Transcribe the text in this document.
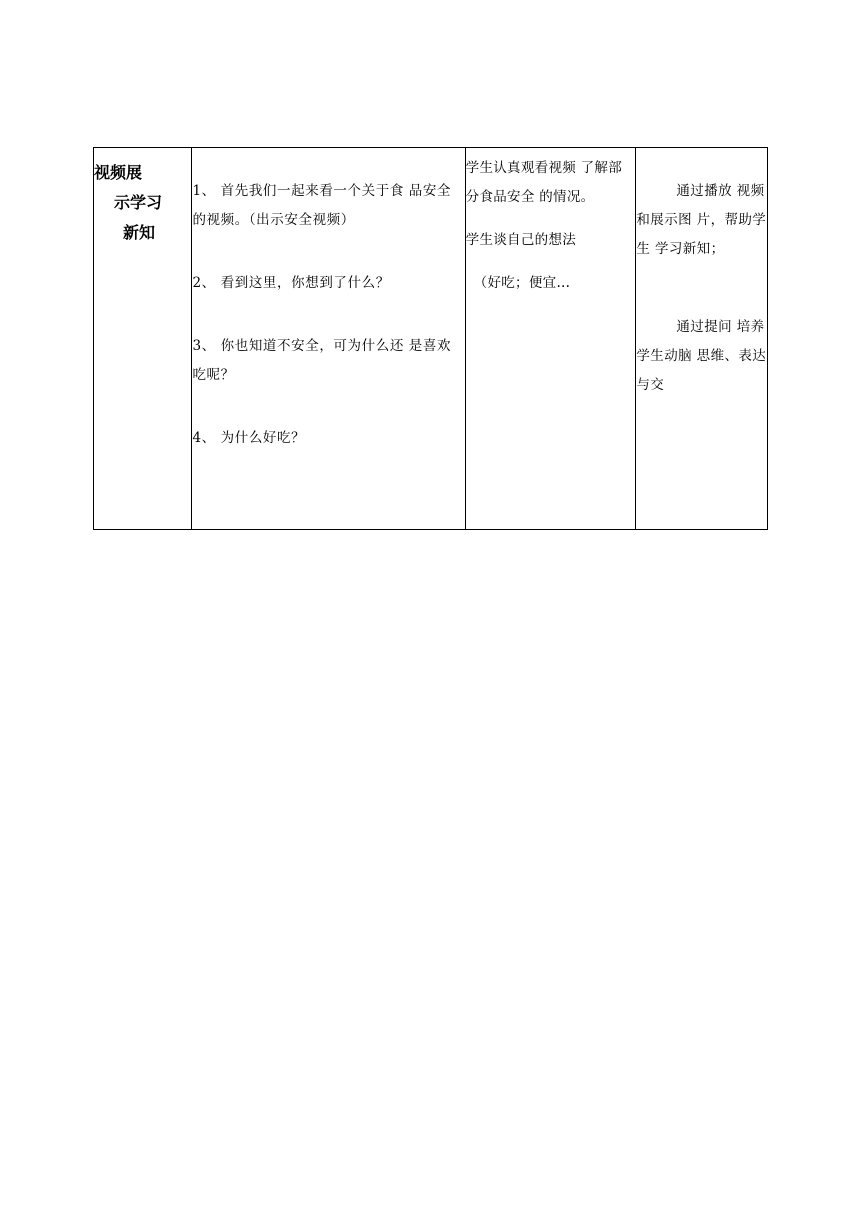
视频展
示学习
新知

1、 首先我们一起来看一个关于食 品安全的视频。（出示安全视频）
2、 看到这里，你想到了什么？
3、 你也知道不安全，可为什么还 是喜欢吃呢？
4、 为什么好吃？

学生认真观看视频 了解部分食品安全 的情况。
学生谈自己的想法
（好吃；便宜...

通过播放 视频和展示图 片，帮助学生 学习新知；
通过提问 培养学生动脑 思维、表达与交
